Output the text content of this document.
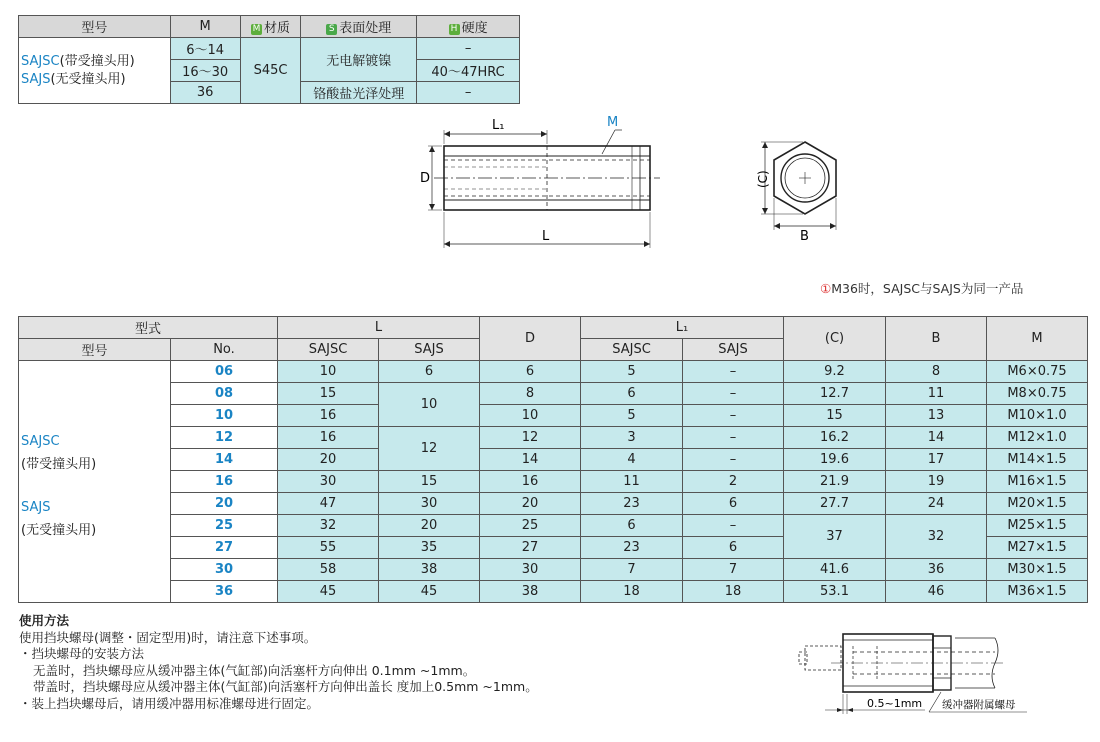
型号	M	M 材质	S 表面处理	H 硬度
SAJSC(带受撞头用)
SAJS(无受撞头用)	6～14	S45C	无电解镀镍	–
	16～30			40～47HRC
	36		铬酸盐光泽处理	–
L₁	M
D
L
(C)
B
①M36时，SAJSC与SAJS为同一产品
型式		L		D	L₁		(C)	B	M
型号	No.	SAJSC	SAJS		SAJSC	SAJS			

SAJSC
(带受撞头用)
SAJS
(无受撞头用)	06	10	6	6	5	–	9.2	8	M6×0.75
	08	15	10	8	6	–	12.7	11	M8×0.75
	10	16		10	5	–	15	13	M10×1.0
	12	16	12	12	3	–	16.2	14	M12×1.0
	14	20		14	4	–	19.6	17	M14×1.5
	16	30	15	16	11	2	21.9	19	M16×1.5
	20	47	30	20	23	6	27.7	24	M20×1.5
	25	32	20	25	6	–	37	32	M25×1.5
	27	55	35	27	23	6			M27×1.5
	30	58	38	30	7	7	41.6	36	M30×1.5
	36	45	45	38	18	18	53.1	46	M36×1.5
使用方法
使用挡块螺母(调整・固定型用)时，请注意下述事项。
・挡块螺母的安装方法
无盖时，挡块螺母应从缓冲器主体(气缸部)向活塞杆方向伸出 0.1mm ~1mm。
带盖时，挡块螺母应从缓冲器主体(气缸部)向活塞杆方向伸出盖长 度加上0.5mm ~1mm。
・装上挡块螺母后，请用缓冲器用标准螺母进行固定。	0.5~1mm 缓冲器附属螺母
